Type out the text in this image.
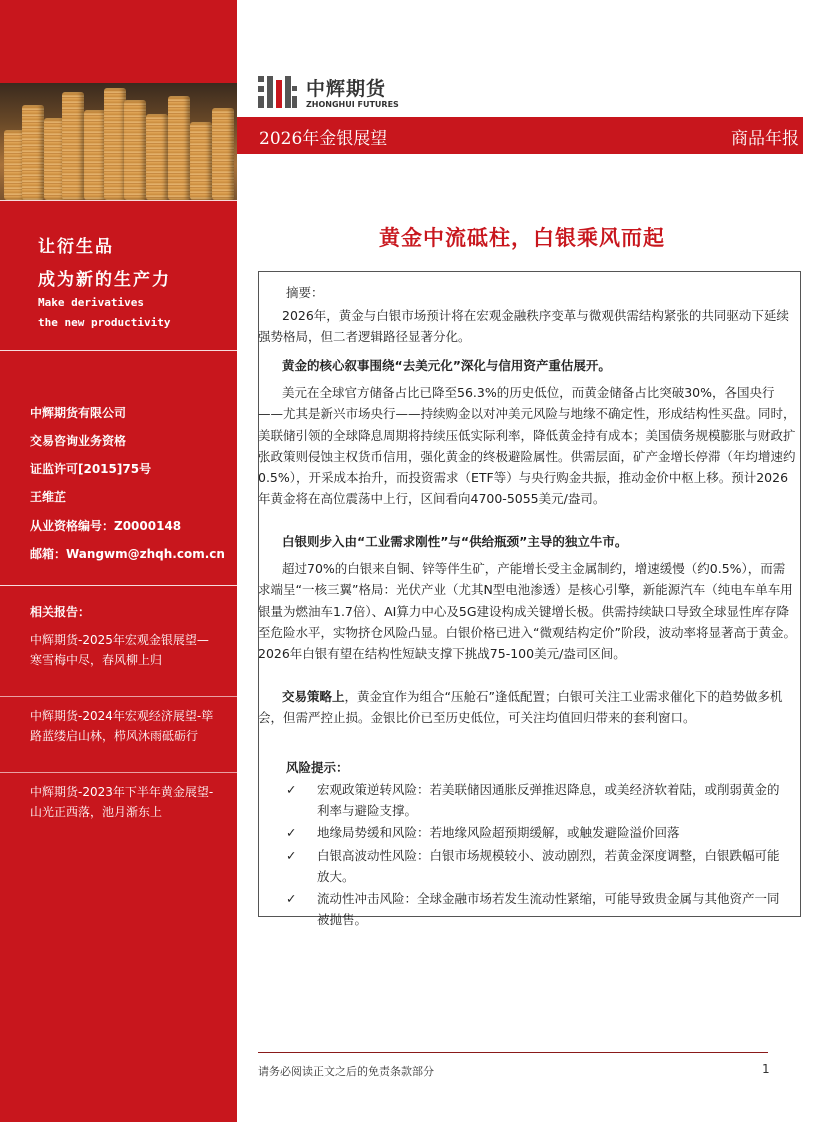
让衍生品
成为新的生产力
Make derivatives
the new productivity
中辉期货有限公司
交易咨询业务资格
证监许可[2015]75号
王维芷
从业资格编号：Z0000148
邮箱：Wangwm@zhqh.com.cn
相关报告：
中辉期货-2025年宏观金银展望—寒雪梅中尽，春风柳上归
中辉期货-2024年宏观经济展望-筚路蓝缕启山林，栉风沐雨砥砺行
中辉期货-2023年下半年黄金展望-山光正西落，池月渐东上
中辉期货
ZHONGHUI FUTURES
2026年金银展望	商品年报
黄金中流砥柱，白银乘风而起
摘要：
2026年，黄金与白银市场预计将在宏观金融秩序变革与微观供需结构紧张的共同驱动下延续强势格局，但二者逻辑路径显著分化。
黄金的核心叙事围绕“去美元化”深化与信用资产重估展开。
美元在全球官方储备占比已降至56.3%的历史低位，而黄金储备占比突破30%，各国央行——尤其是新兴市场央行——持续购金以对冲美元风险与地缘不确定性，形成结构性买盘。同时，美联储引领的全球降息周期将持续压低实际利率，降低黄金持有成本；美国债务规模膨胀与财政扩张政策则侵蚀主权货币信用，强化黄金的终极避险属性。供需层面，矿产金增长停滞（年均增速约0.5%），开采成本抬升，而投资需求（ETF等）与央行购金共振，推动金价中枢上移。预计2026年黄金将在高位震荡中上行，区间看向4700-5055美元/盎司。
白银则步入由“工业需求刚性”与“供给瓶颈”主导的独立牛市。
超过70%的白银来自铜、锌等伴生矿，产能增长受主金属制约，增速缓慢（约0.5%），而需求端呈“一核三翼”格局：光伏产业（尤其N型电池渗透）是核心引擎，新能源汽车（纯电车单车用银量为燃油车1.7倍）、AI算力中心及5G建设构成关键增长极。供需持续缺口导致全球显性库存降至危险水平，实物挤仓风险凸显。白银价格已进入“微观结构定价”阶段，波动率将显著高于黄金。2026年白银有望在结构性短缺支撑下挑战75-100美元/盎司区间。
交易策略上，黄金宜作为组合“压舱石”逢低配置；白银可关注工业需求催化下的趋势做多机会，但需严控止损。金银比价已至历史低位，可关注均值回归带来的套利窗口。
风险提示：
✓	宏观政策逆转风险：若美联储因通胀反弹推迟降息，或美经济软着陆，或削弱黄金的利率与避险支撑。
✓	地缘局势缓和风险：若地缘风险超预期缓解，或触发避险溢价回落
✓	白银高波动性风险：白银市场规模较小、波动剧烈，若黄金深度调整，白银跌幅可能放大。
✓	流动性冲击风险：全球金融市场若发生流动性紧缩，可能导致贵金属与其他资产一同被抛售。
请务必阅读正文之后的免责条款部分	1
